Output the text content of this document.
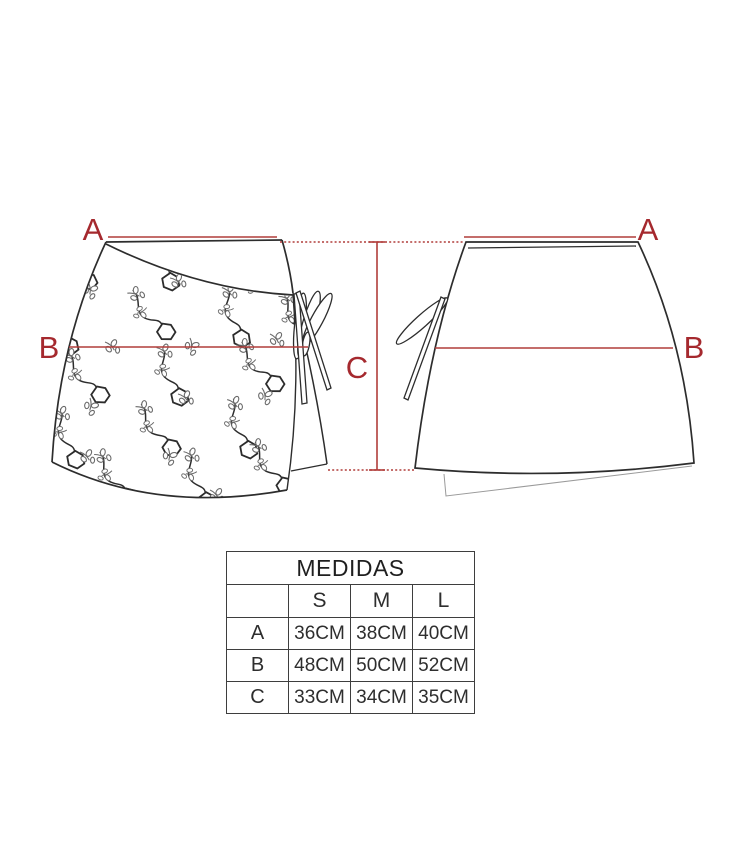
A	A
B	B
C
MEDIDAS			
	S	M	L
A	36CM	38CM	40CM
B	48CM	50CM	52CM
C	33CM	34CM	35CM
